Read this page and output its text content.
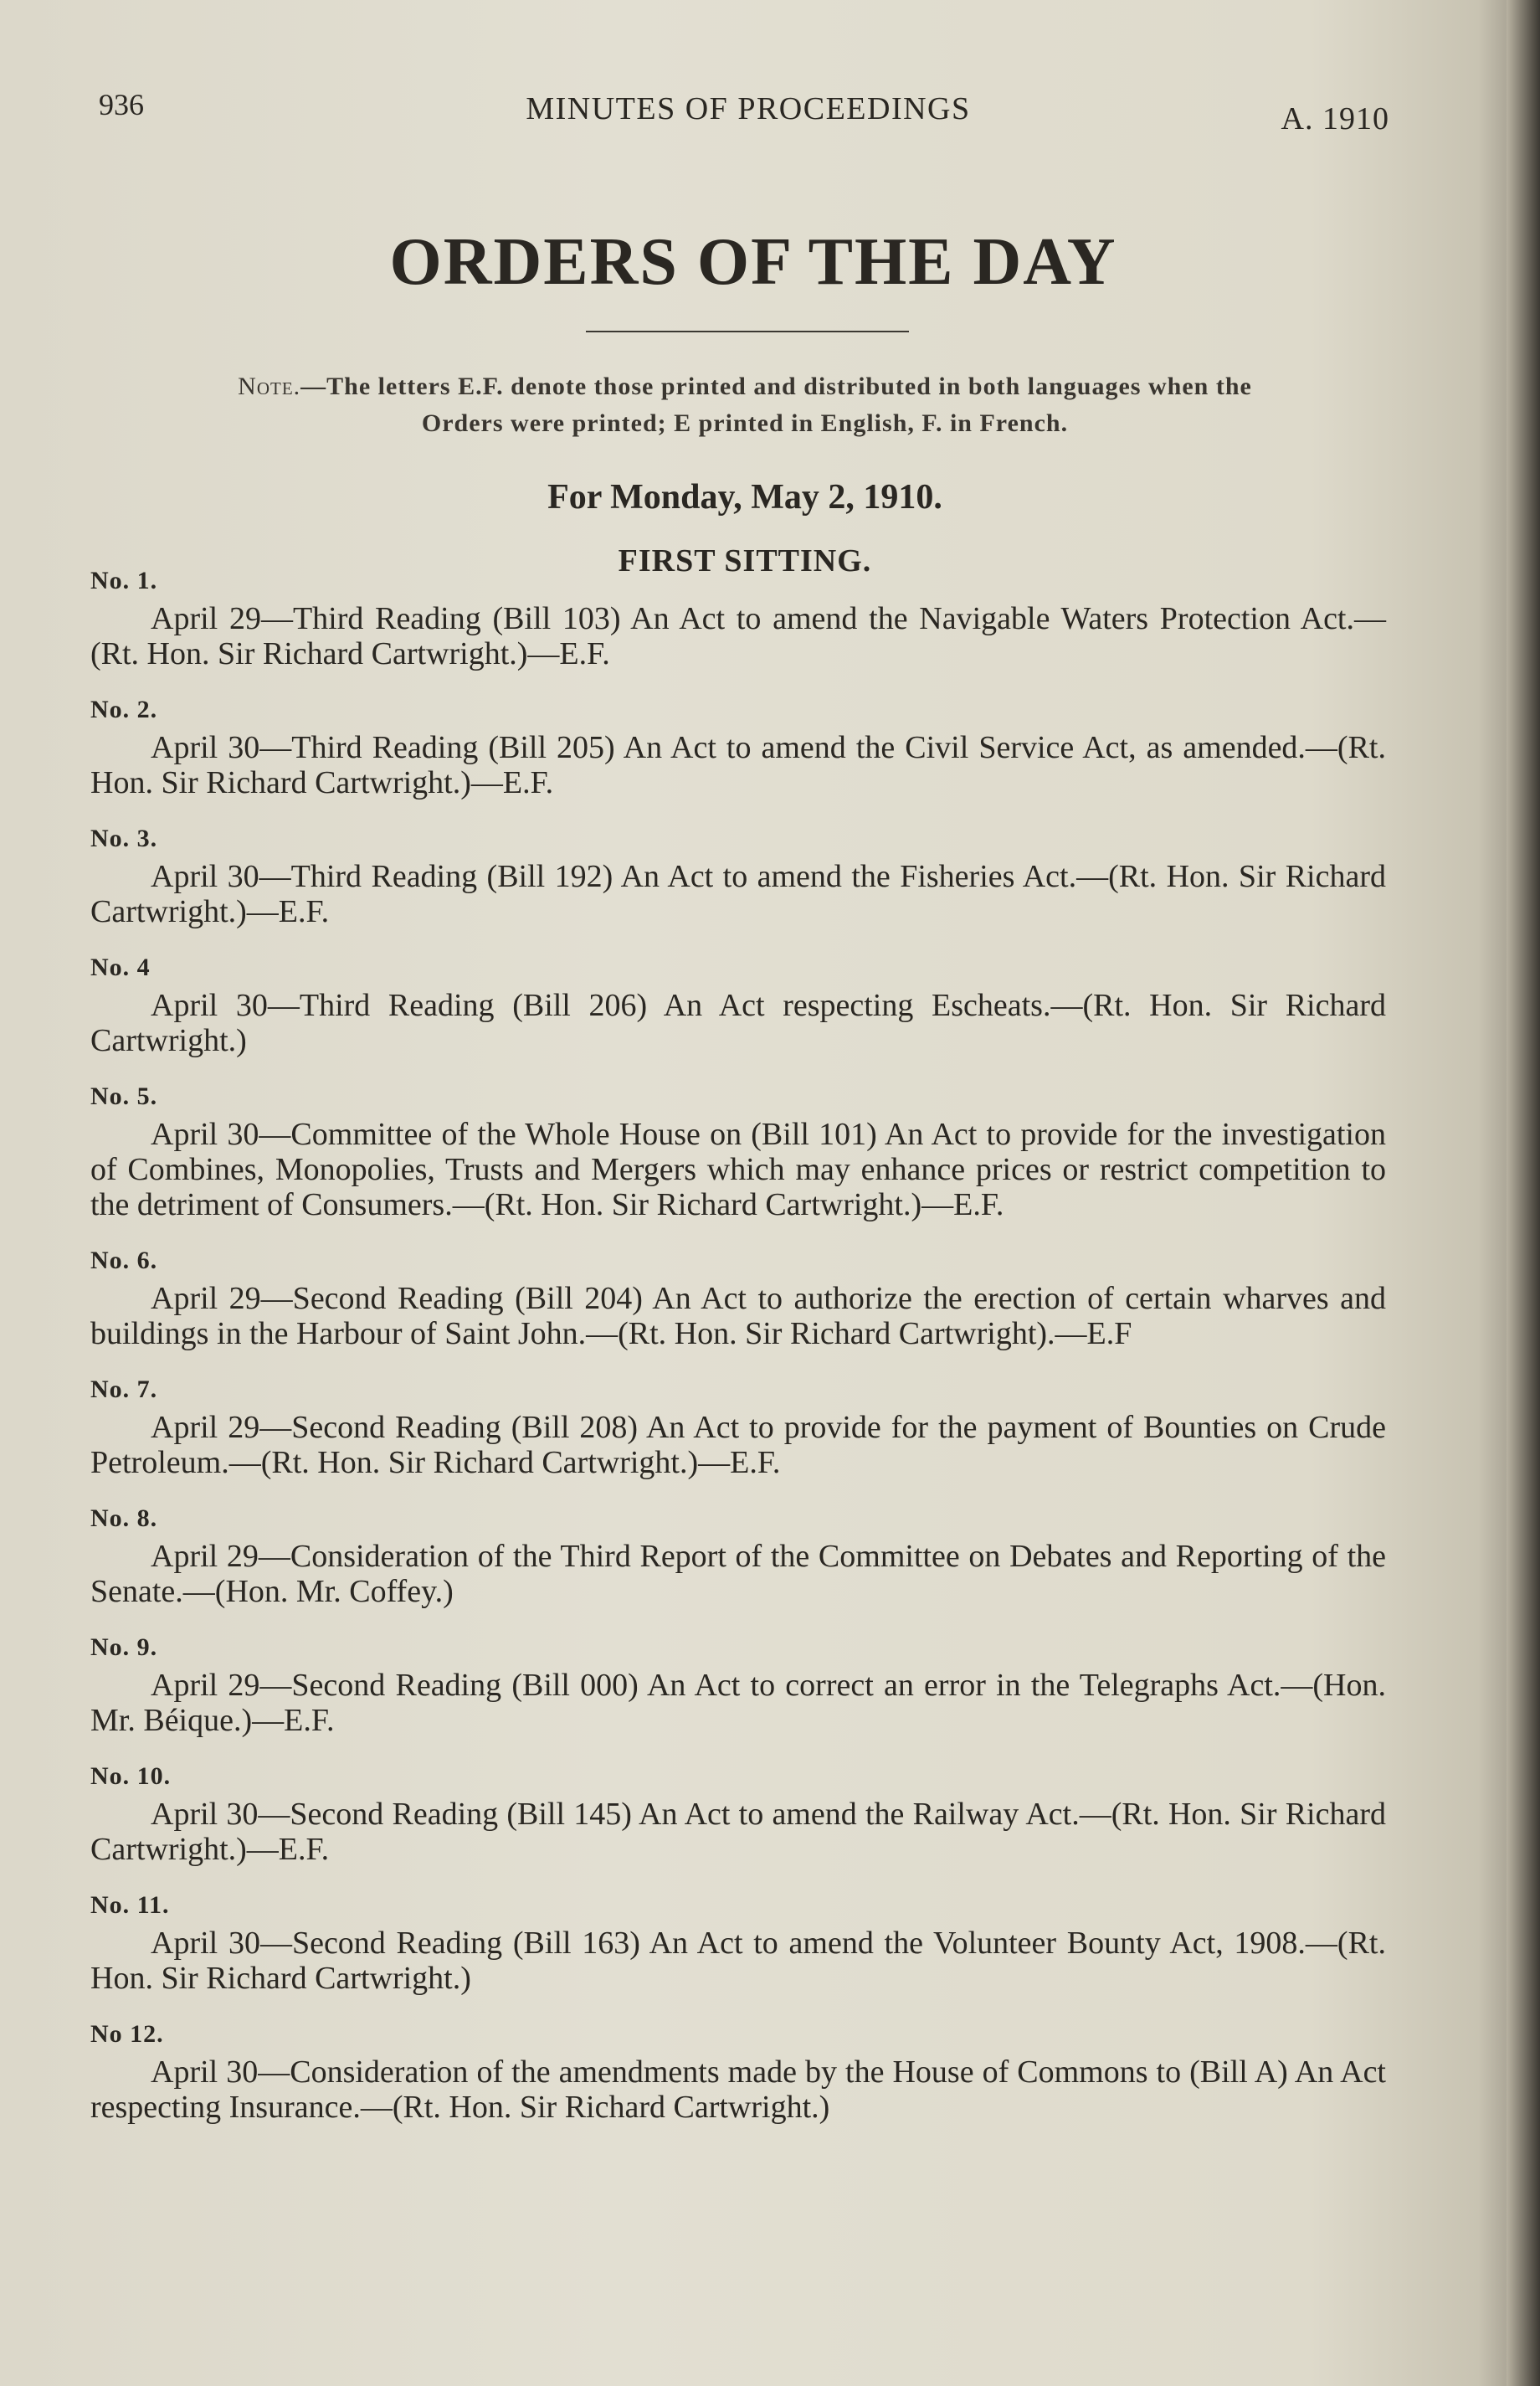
936	MINUTES OF PROCEEDINGS	A. 1910
ORDERS OF THE DAY
Note.—The letters E.F. denote those printed and distributed in both languages when the
Orders were printed; E printed in English, F. in French.
For Monday, May 2, 1910.
FIRST SITTING.
No. 1.
April 29—Third Reading (Bill 103) An Act to amend the Navigable Waters Protection Act.—(Rt. Hon. Sir Richard Cartwright.)—E.F.
No. 2.
April 30—Third Reading (Bill 205) An Act to amend the Civil Service Act, as amended.—(Rt. Hon. Sir Richard Cartwright.)—E.F.
No. 3.
April 30—Third Reading (Bill 192) An Act to amend the Fisheries Act.—(Rt. Hon. Sir Richard Cartwright.)—E.F.
No. 4
April 30—Third Reading (Bill 206) An Act respecting Escheats.—(Rt. Hon. Sir Richard Cartwright.)
No. 5.
April 30—Committee of the Whole House on (Bill 101) An Act to provide for the investigation of Combines, Monopolies, Trusts and Mergers which may enhance prices or restrict competition to the detriment of Consumers.—(Rt. Hon. Sir Richard Cartwright.)—E.F.
No. 6.
April 29—Second Reading (Bill 204) An Act to authorize the erection of certain wharves and buildings in the Harbour of Saint John.—(Rt. Hon. Sir Richard Cartwright).—E.F
No. 7.
April 29—Second Reading (Bill 208) An Act to provide for the payment of Bounties on Crude Petroleum.—(Rt. Hon. Sir Richard Cartwright.)—E.F.
No. 8.
April 29—Consideration of the Third Report of the Committee on Debates and Reporting of the Senate.—(Hon. Mr. Coffey.)
No. 9.
April 29—Second Reading (Bill 000) An Act to correct an error in the Telegraphs Act.—(Hon. Mr. Béique.)—E.F.
No. 10.
April 30—Second Reading (Bill 145) An Act to amend the Railway Act.—(Rt. Hon. Sir Richard Cartwright.)—E.F.
No. 11.
April 30—Second Reading (Bill 163) An Act to amend the Volunteer Bounty Act, 1908.—(Rt. Hon. Sir Richard Cartwright.)
No 12.
April 30—Consideration of the amendments made by the House of Commons to (Bill A) An Act respecting Insurance.—(Rt. Hon. Sir Richard Cartwright.)
